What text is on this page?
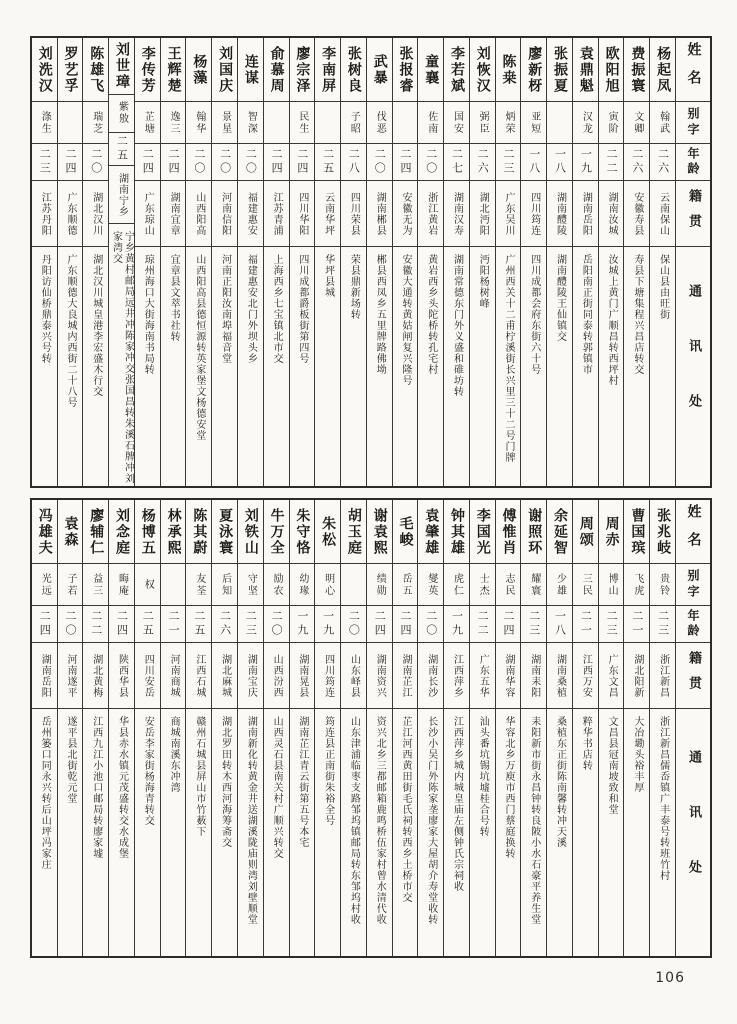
姓名
别字
年龄
籍贯
通讯处
杨起凤
翰武
二六
云南保山
保山县由旺街
费振寰
文卿
二六
安徽寿县
寿县下塘集程兴昌店转交
欧阳旭
寅阶
二二
湖南汝城
汝城上黄门广顺昌转西坪村
袁鼎魁
汉龙
一九
湖南岳阳
岳阳南正街同泰转郭镇市
张振夏
一八
湖南醴陵
湖南醴陵王仙镇交
廖新枒
亚短
一八
四川筠连
四川成都会府东街六十号
陈桒
炳荣
二三
广东吴川
广州西关十二甫柠溪街长兴里三十二号门牌
刘恢汉
弼臣
二六
湖北沔阳
沔阳杨树峰
李若斌
国安
二七
湖南汉寿
湖南常德东门外义盛和碓坊转
童襄
佐南
二〇
浙江黄岩
黄岩西乡头陀桥转孔宅村
张报睿
二四
安徽无为
安徽大通转黄姑闸复兴隆号
武暴
伐恶
二〇
湖南郴县
郴县西凤乡五里牌路佛坳
张树良
子昭
二八
四川荣县
荣县鼎新场转
李南屏
二五
云南华坪
华坪县城
廖宗泽
民生
二四
四川华阳
四川成都爵板街第四号
俞慕周
二四
江苏青浦
上海西乡七宝镇北市交
连谋
智深
二〇
福建惠安
福建惠安北门外坝头乡
刘国庆
景星
二〇
河南信阳
河南正阳汝南埠福音堂
杨藻
翰华
二〇
山西阳高
山西阳高县德恒源转英家堡文杨德安堂
王辉楚
逸三
二四
湖南宜章
宜章县文萃书社转
李传芳
芷塘
二四
广东琼山
琼州海口大街海南书局转
刘世璋
紫敫
二五
湖南宁乡
宁乡黄村邮局远井冲陈家冲交张国昌转朱溪石牌冲刘家湾交
陈雄飞
瑞芝
二〇
湖北汉川
湖北汉川城皇港李宏盛木行交
罗艺孚
二四
广东顺德
广东顺德大良城内西街二十八号
刘洗汉
涤生
二三
江苏丹阳
丹阳访仙桥鼎泰兴号转
姓名
别字
年龄
籍贯
通讯处
张兆岐
贵铃
二三
浙江新昌
浙江新昌儒岙镇广丰泰号转班竹村
曹国瑸
飞虎
二一
湖北阳新
大冶墈头裕丰厚
周赤
博山
二三
广东文昌
文昌县冠南坡致和堂
周颂
三民
二一
江西万安
粹华书店转
余延智
少雄
一八
湖南桑植
桑植东正街陈南馨转冲天溪
谢照环
耀寰
二三
湖南耒阳
耒阳新市街永昌钟转良陂小水石豪平养生堂
傅惟肖
志民
二四
湖南华容
华容北乡万庾市西门蔡庭换转
李国光
士杰
二二
广东五华
汕头番坑锡坑墟桂合号转
钟其雄
虎仁
一九
江西萍乡
江西萍乡城内城皇庙左侧钟氏宗祠收
袁肇雄
燮英
二〇
湖南长沙
长沙小吴门外陈家垄廖家大屋胡介寿堂收转
毛峻
岳五
二四
湖南芷江
芷江河西黄田街毛氏祠转西乡土桥市交
谢袁熙
绩勋
二四
湖南资兴
资兴北乡三都邮箱鹿鸣桥伍家村曾水清代收
胡玉庭
二〇
山东峄县
山东津浦临枣支路邹坞镇邮局转东邹坞村收
朱松
明心
一九
四川筠连
筠连县正南街朱裕全号
朱守恪
幼瑑
一九
湖南晃县
湖南芷江青云街第五号本宅
牛万全
励农
二〇
山西汾西
山西灵石县南关村广顺兴转交
刘铁山
守坚
二三
湖南宝庆
湖南新化转黄金井送湖溪陇庙则湾刘壁顺堂
夏泳寰
后知
二六
湖北麻城
湖北罗田转木西河海筹斋交
陈其蔚
友荃
二五
江西石城
赣州石城县屏山市竹薮下
林承熙
二一
河南商城
商城南溪东冲湾
杨博五
权
二五
四川安岳
安岳李家街杨海青转交
刘念庭
晦庵
二四
陕西华县
华县赤水镇元茂盛转交水成堡
廖辅仁
益三
二二
湖北黄梅
江西九江小池口邮局转廖家墟
袁森
子若
二〇
河南遂平
遂平县北街乾元堂
冯雄夫
光远
二四
湖南岳阳
岳州篓口同永兴转后山坪冯家庄
106
